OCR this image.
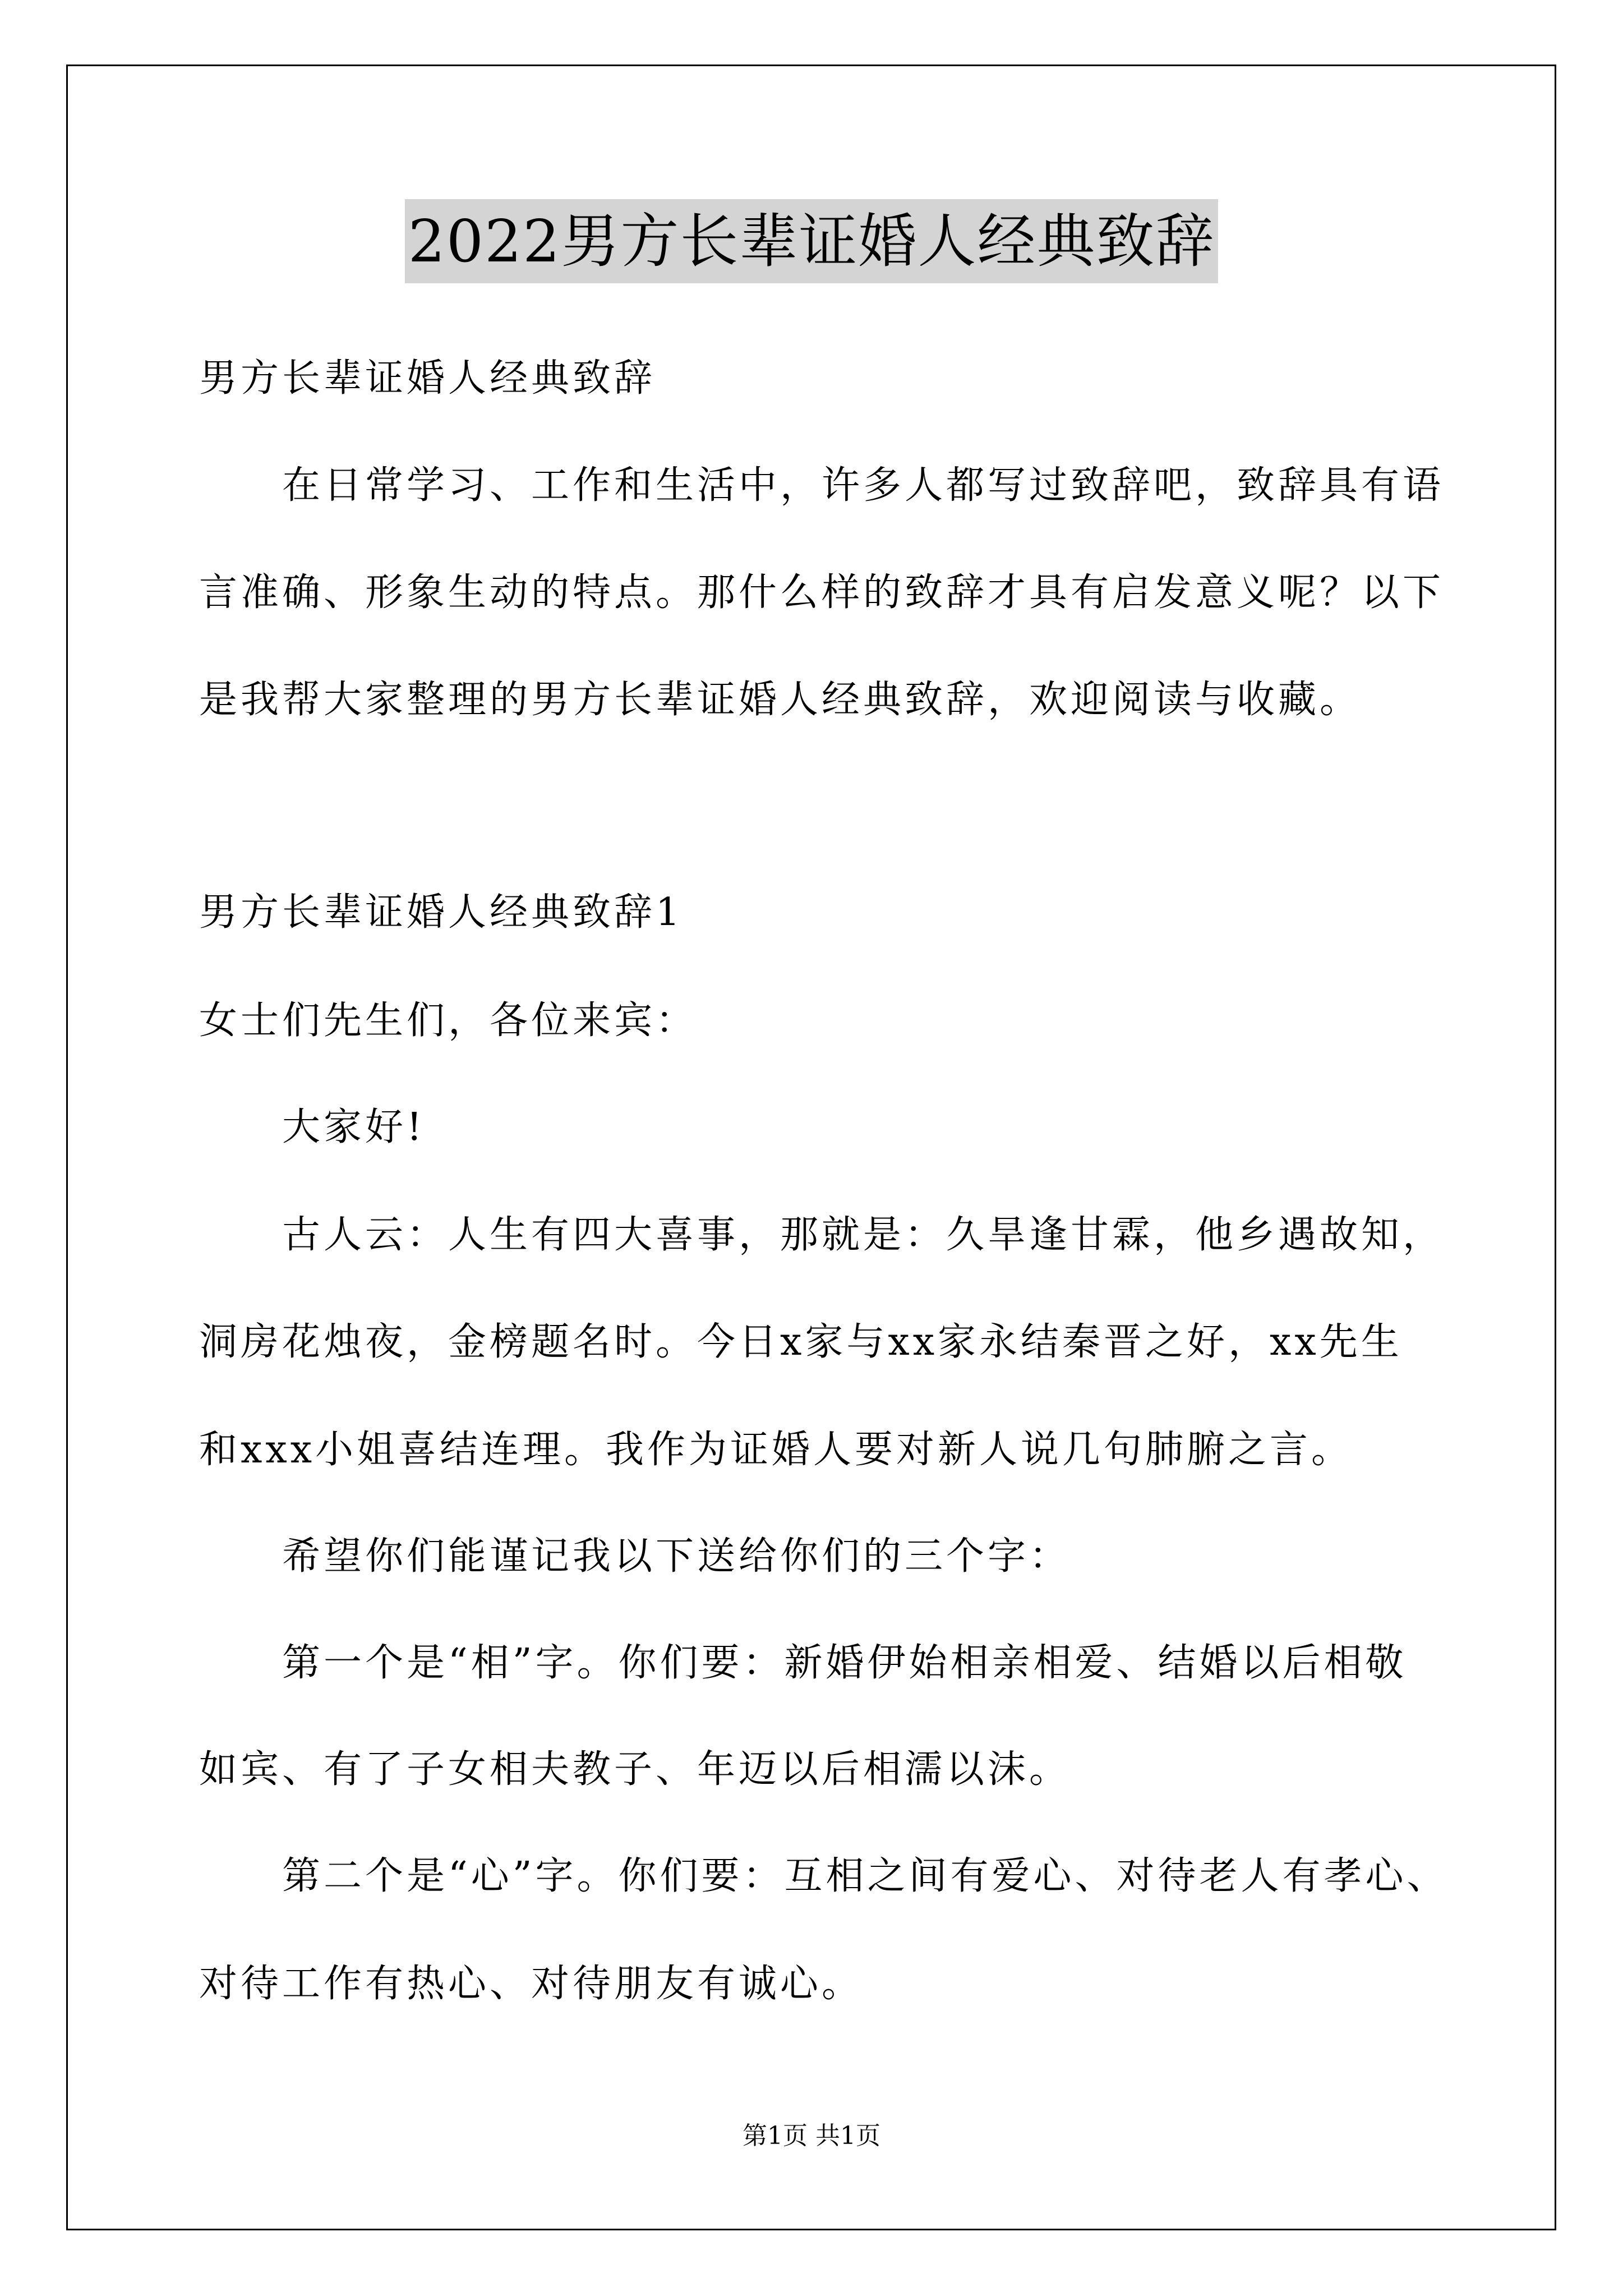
2022男方长辈证婚人经典致辞
男方长辈证婚人经典致辞
在日常学习、工作和生活中，许多人都写过致辞吧，致辞具有语
言准确、形象生动的特点。那什么样的致辞才具有启发意义呢？以下
是我帮大家整理的男方长辈证婚人经典致辞，欢迎阅读与收藏。
男方长辈证婚人经典致辞1
女士们先生们，各位来宾：
大家好!
古人云：人生有四大喜事，那就是：久旱逢甘霖，他乡遇故知，
洞房花烛夜，金榜题名时。今日x家与xx家永结秦晋之好，xx先生
和xxx小姐喜结连理。我作为证婚人要对新人说几句肺腑之言。
希望你们能谨记我以下送给你们的三个字：
第一个是“相”字。你们要：新婚伊始相亲相爱、结婚以后相敬
如宾、有了子女相夫教子、年迈以后相濡以沫。
第二个是“心”字。你们要：互相之间有爱心、对待老人有孝心、
对待工作有热心、对待朋友有诚心。
第1页 共1页
